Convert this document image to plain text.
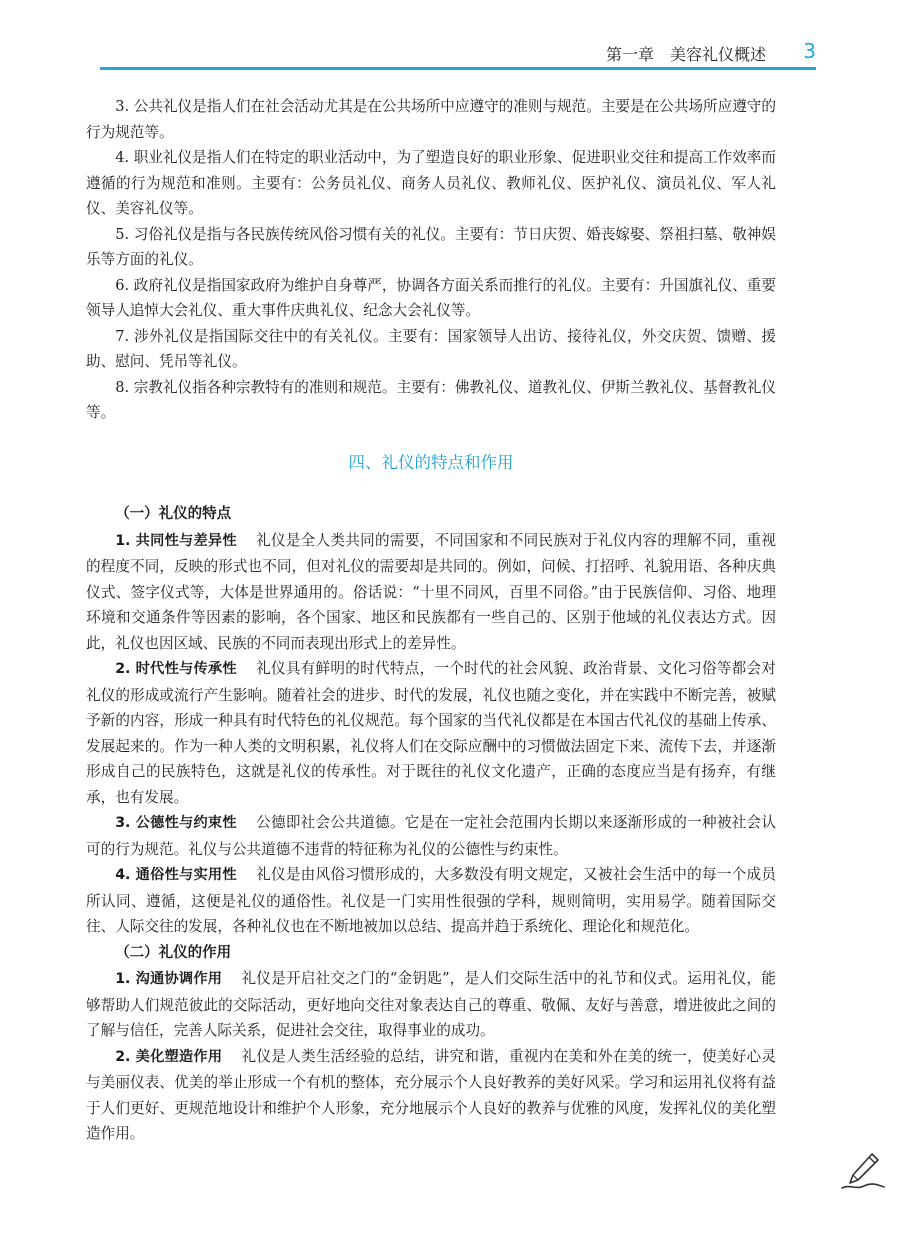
第一章　美容礼仪概述 3

3. 公共礼仪是指人们在社会活动尤其是在公共场所中应遵守的准则与规范。主要是在公共场所应遵守的行为规范等。

4. 职业礼仪是指人们在特定的职业活动中，为了塑造良好的职业形象、促进职业交往和提高工作效率而遵循的行为规范和准则。主要有：公务员礼仪、商务人员礼仪、教师礼仪、医护礼仪、演员礼仪、军人礼仪、美容礼仪等。

5. 习俗礼仪是指与各民族传统风俗习惯有关的礼仪。主要有：节日庆贺、婚丧嫁娶、祭祖扫墓、敬神娱乐等方面的礼仪。

6. 政府礼仪是指国家政府为维护自身尊严，协调各方面关系而推行的礼仪。主要有：升国旗礼仪、重要领导人追悼大会礼仪、重大事件庆典礼仪、纪念大会礼仪等。

7. 涉外礼仪是指国际交往中的有关礼仪。主要有：国家领导人出访、接待礼仪，外交庆贺、馈赠、援助、慰问、凭吊等礼仪。

8. 宗教礼仪指各种宗教特有的准则和规范。主要有：佛教礼仪、道教礼仪、伊斯兰教礼仪、基督教礼仪等。

四、礼仪的特点和作用

（一）礼仪的特点

1. 共同性与差异性 礼仪是全人类共同的需要，不同国家和不同民族对于礼仪内容的理解不同，重视的程度不同，反映的形式也不同，但对礼仪的需要却是共同的。例如，问候、打招呼、礼貌用语、各种庆典仪式、签字仪式等，大体是世界通用的。俗话说：“十里不同风，百里不同俗。”由于民族信仰、习俗、地理环境和交通条件等因素的影响，各个国家、地区和民族都有一些自己的、区别于他域的礼仪表达方式。因此，礼仪也因区域、民族的不同而表现出形式上的差异性。

2. 时代性与传承性 礼仪具有鲜明的时代特点，一个时代的社会风貌、政治背景、文化习俗等都会对礼仪的形成或流行产生影响。随着社会的进步、时代的发展，礼仪也随之变化，并在实践中不断完善，被赋予新的内容，形成一种具有时代特色的礼仪规范。每个国家的当代礼仪都是在本国古代礼仪的基础上传承、发展起来的。作为一种人类的文明积累，礼仪将人们在交际应酬中的习惯做法固定下来、流传下去，并逐渐形成自己的民族特色，这就是礼仪的传承性。对于既往的礼仪文化遗产，正确的态度应当是有扬弃，有继承，也有发展。

3. 公德性与约束性 公德即社会公共道德。它是在一定社会范围内长期以来逐渐形成的一种被社会认可的行为规范。礼仪与公共道德不违背的特征称为礼仪的公德性与约束性。

4. 通俗性与实用性 礼仪是由风俗习惯形成的，大多数没有明文规定，又被社会生活中的每一个成员所认同、遵循，这便是礼仪的通俗性。礼仪是一门实用性很强的学科，规则简明，实用易学。随着国际交往、人际交往的发展，各种礼仪也在不断地被加以总结、提高并趋于系统化、理论化和规范化。

（二）礼仪的作用

1. 沟通协调作用 礼仪是开启社交之门的“金钥匙”，是人们交际生活中的礼节和仪式。运用礼仪，能够帮助人们规范彼此的交际活动，更好地向交往对象表达自己的尊重、敬佩、友好与善意，增进彼此之间的了解与信任，完善人际关系，促进社会交往，取得事业的成功。

2. 美化塑造作用 礼仪是人类生活经验的总结，讲究和谐，重视内在美和外在美的统一，使美好心灵与美丽仪表、优美的举止形成一个有机的整体，充分展示个人良好教养的美好风采。学习和运用礼仪将有益于人们更好、更规范地设计和维护个人形象，充分地展示个人良好的教养与优雅的风度，发挥礼仪的美化塑造作用。
